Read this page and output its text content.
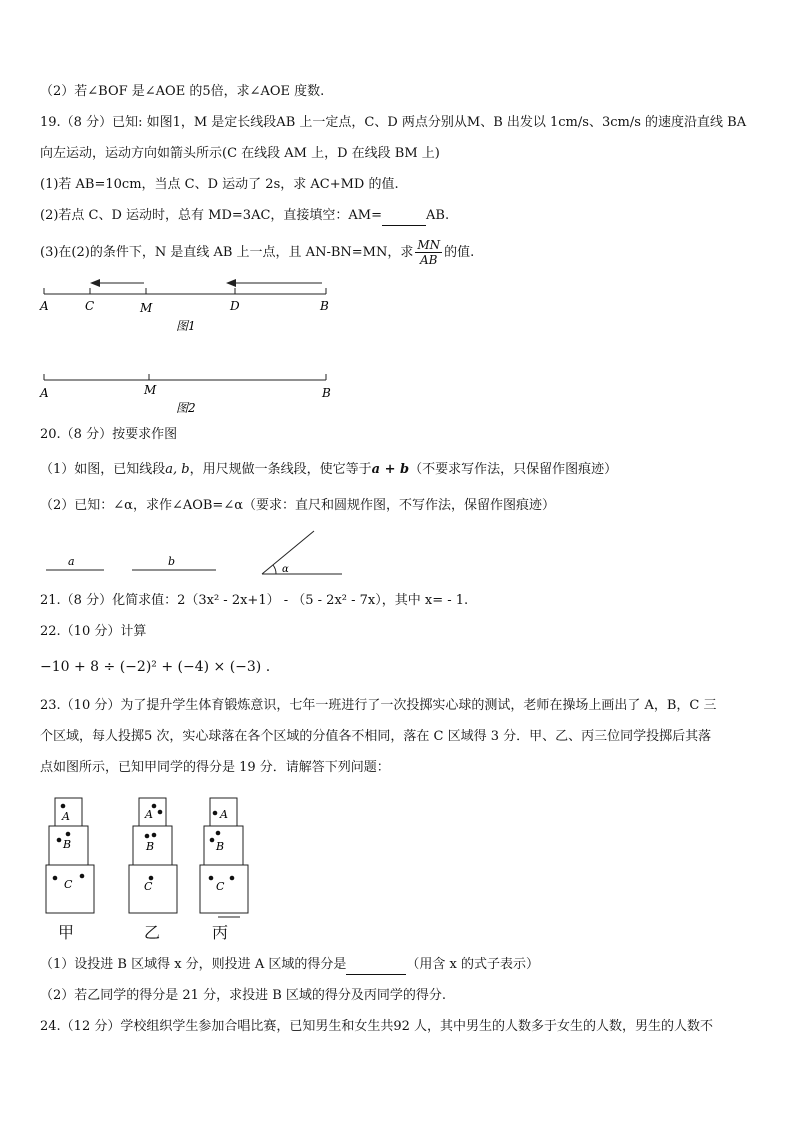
（2）若∠BOF 是∠AOE 的5倍，求∠AOE 度数.
19.（8 分）已知: 如图1，M 是定长线段AB 上一定点，C、D 两点分别从M、B 出发以 1cm/s、3cm/s 的速度沿直线 BA
向左运动，运动方向如箭头所示(C 在线段 AM 上，D 在线段 BM 上)
(1)若 AB=10cm，当点 C、D 运动了 2s，求 AC+MD 的值.
(2)若点 C、D 运动时，总有 MD=3AC，直接填空：AM=	AB.
(3)在(2)的条件下，N 是直线 AB 上一点，且 AN-BN=MN，求 $\frac{MN}{AB}$ 的值.
A	C	M	D	B
图1
A	M	B
图2
20.（8 分）按要求作图
（1）如图，已知线段a, b，用尺规做一条线段，使它等于a + b（不要求写作法，只保留作图痕迹）
（2）已知：∠α，求作∠AOB=∠α（要求：直尺和圆规作图，不写作法，保留作图痕迹）
a	b
α
21.（8 分）化简求值：2（3x² - 2x+1） - （5 - 2x² - 7x），其中 x= - 1.
22.（10 分）计算
−10 + 8 ÷ (−2)² + (−4) × (−3) .
23.（10 分）为了提升学生体育锻炼意识，七年一班进行了一次投掷实心球的测试，老师在操场上画出了 A，B，C 三
个区域，每人投掷5 次，实心球落在各个区域的分值各不相同，落在 C 区域得 3 分．甲、乙、丙三位同学投掷后其落
点如图所示，已知甲同学的得分是 19 分．请解答下列问题：
A
B
C
A
B
C
A
B
C
甲	乙	丙
（1）设投进 B 区域得 x 分，则投进 A 区域的得分是	（用含 x 的式子表示）
（2）若乙同学的得分是 21 分，求投进 B 区域的得分及丙同学的得分.
24.（12 分）学校组织学生参加合唱比赛，已知男生和女生共92 人，其中男生的人数多于女生的人数，男生的人数不
